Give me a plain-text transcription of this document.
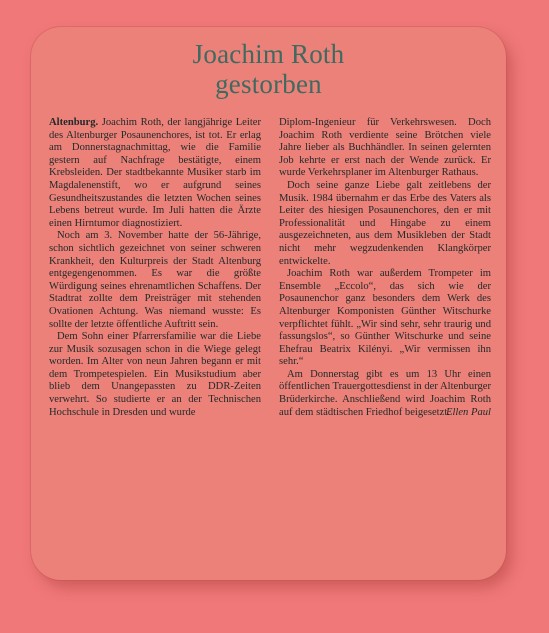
Joachim Roth
gestorben

Altenburg. Joachim Roth, der langjährige Leiter des Altenburger Posaunenchores, ist tot. Er erlag am Donnerstagnachmittag, wie die Familie gestern auf Nachfrage bestätigte, einem Krebsleiden. Der stadtbekannte Musiker starb im Magdalenenstift, wo er aufgrund seines Gesundheitszustandes die letzten Wochen seines Lebens betreut wurde. Im Juli hatten die Ärzte einen Hirntumor diagnostiziert.

Noch am 3. November hatte der 56-Jährige, schon sichtlich gezeichnet von seiner schweren Krankheit, den Kulturpreis der Stadt Altenburg entgegengenommen. Es war die größte Würdigung seines ehrenamtlichen Schaffens. Der Stadtrat zollte dem Preisträger mit stehenden Ovationen Achtung. Was niemand wusste: Es sollte der letzte öffentliche Auftritt sein.

Dem Sohn einer Pfarrersfamilie war die Liebe zur Musik sozusagen schon in die Wiege gelegt worden. Im Alter von neun Jahren begann er mit dem Trompetespielen. Ein Musikstudium aber blieb dem Unangepassten zu DDR-Zeiten verwehrt. So studierte er an der Technischen Hochschule in Dresden und wurde

Diplom-Ingenieur für Verkehrswesen. Doch Joachim Roth verdiente seine Brötchen viele Jahre lieber als Buchhändler. In seinen gelernten Job kehrte er erst nach der Wende zurück. Er wurde Verkehrsplaner im Altenburger Rathaus.

Doch seine ganze Liebe galt zeitlebens der Musik. 1984 übernahm er das Erbe des Vaters als Leiter des hiesigen Posaunenchores, den er mit Professionalität und Hingabe zu einem ausgezeichneten, aus dem Musikleben der Stadt nicht mehr wegzudenkenden Klangkörper entwickelte.

Joachim Roth war außerdem Trompeter im Ensemble „Eccolo“, das sich wie der Posaunenchor ganz besonders dem Werk des Altenburger Komponisten Günther Witschurke verpflichtet fühlt. „Wir sind sehr, sehr traurig und fassungslos“, so Günther Witschurke und seine Ehefrau Beatrix Kilényi. „Wir vermissen ihn sehr.“

Am Donnerstag gibt es um 13 Uhr einen öffentlichen Trauergottesdienst in der Altenburger Brüderkirche. Anschließend wird Joachim Roth auf dem städtischen Friedhof beigesetzt.

Ellen Paul
